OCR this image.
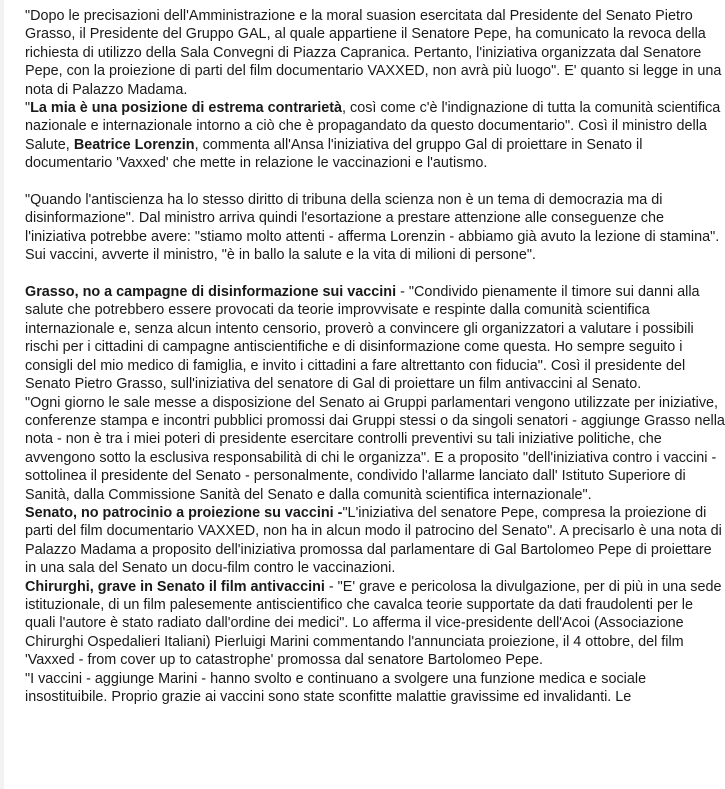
"Dopo le precisazioni dell'Amministrazione e la moral suasion esercitata dal Presidente del Senato Pietro Grasso, il Presidente del Gruppo GAL, al quale appartiene il Senatore Pepe, ha comunicato la revoca della richiesta di utilizzo della Sala Convegni di Piazza Capranica. Pertanto, l'iniziativa organizzata dal Senatore Pepe, con la proiezione di parti del film documentario VAXXED, non avrà più luogo". E' quanto si legge in una nota di Palazzo Madama.

"La mia è una posizione di estrema contrarietà, così come c'è l'indignazione di tutta la comunità scientifica nazionale e internazionale intorno a ciò che è propagandato da questo documentario". Così il ministro della Salute, Beatrice Lorenzin, commenta all'Ansa l'iniziativa del gruppo Gal di proiettare in Senato il documentario 'Vaxxed' che mette in relazione le vaccinazioni e l'autismo.

"Quando l'antiscienza ha lo stesso diritto di tribuna della scienza non è un tema di democrazia ma di disinformazione". Dal ministro arriva quindi l'esortazione a prestare attenzione alle conseguenze che l'iniziativa potrebbe avere: "stiamo molto attenti - afferma Lorenzin - abbiamo già avuto la lezione di stamina". Sui vaccini, avverte il ministro, "è in ballo la salute e la vita di milioni di persone".

Grasso, no a campagne di disinformazione sui vaccini - "Condivido pienamente il timore sui danni alla salute che potrebbero essere provocati da teorie improvvisate e respinte dalla comunità scientifica internazionale e, senza alcun intento censorio, proverò a convincere gli organizzatori a valutare i possibili rischi per i cittadini di campagne antiscientifiche e di disinformazione come questa. Ho sempre seguito i consigli del mio medico di famiglia, e invito i cittadini a fare altrettanto con fiducia". Così il presidente del Senato Pietro Grasso, sull'iniziativa del senatore di Gal di proiettare un film antivaccini al Senato.

"Ogni giorno le sale messe a disposizione del Senato ai Gruppi parlamentari vengono utilizzate per iniziative, conferenze stampa e incontri pubblici promossi dai Gruppi stessi o da singoli senatori - aggiunge Grasso nella nota - non è tra i miei poteri di presidente esercitare controlli preventivi su tali iniziative politiche, che avvengono sotto la esclusiva responsabilità di chi le organizza". E a proposito "dell'iniziativa contro i vaccini - sottolinea il presidente del Senato - personalmente, condivido l'allarme lanciato dall' Istituto Superiore di Sanità, dalla Commissione Sanità del Senato e dalla comunità scientifica internazionale".

Senato, no patrocinio a proiezione su vaccini -"L'iniziativa del senatore Pepe, compresa la proiezione di parti del film documentario VAXXED, non ha in alcun modo il patrocino del Senato". A precisarlo è una nota di Palazzo Madama a proposito dell'iniziativa promossa dal parlamentare di Gal Bartolomeo Pepe di proiettare in una sala del Senato un docu-film contro le vaccinazioni.

Chirurghi, grave in Senato il film antivaccini - "E' grave e pericolosa la divulgazione, per di più in una sede istituzionale, di un film palesemente antiscientifico che cavalca teorie supportate da dati fraudolenti per le quali l'autore è stato radiato dall'ordine dei medici". Lo afferma il vice-presidente dell'Acoi (Associazione Chirurghi Ospedalieri Italiani) Pierluigi Marini commentando l'annunciata proiezione, il 4 ottobre, del film 'Vaxxed - from cover up to catastrophe' promossa dal senatore Bartolomeo Pepe.

"I vaccini - aggiunge Marini - hanno svolto e continuano a svolgere una funzione medica e sociale insostituibile. Proprio grazie ai vaccini sono state sconfitte malattie gravissime ed invalidanti. Le
